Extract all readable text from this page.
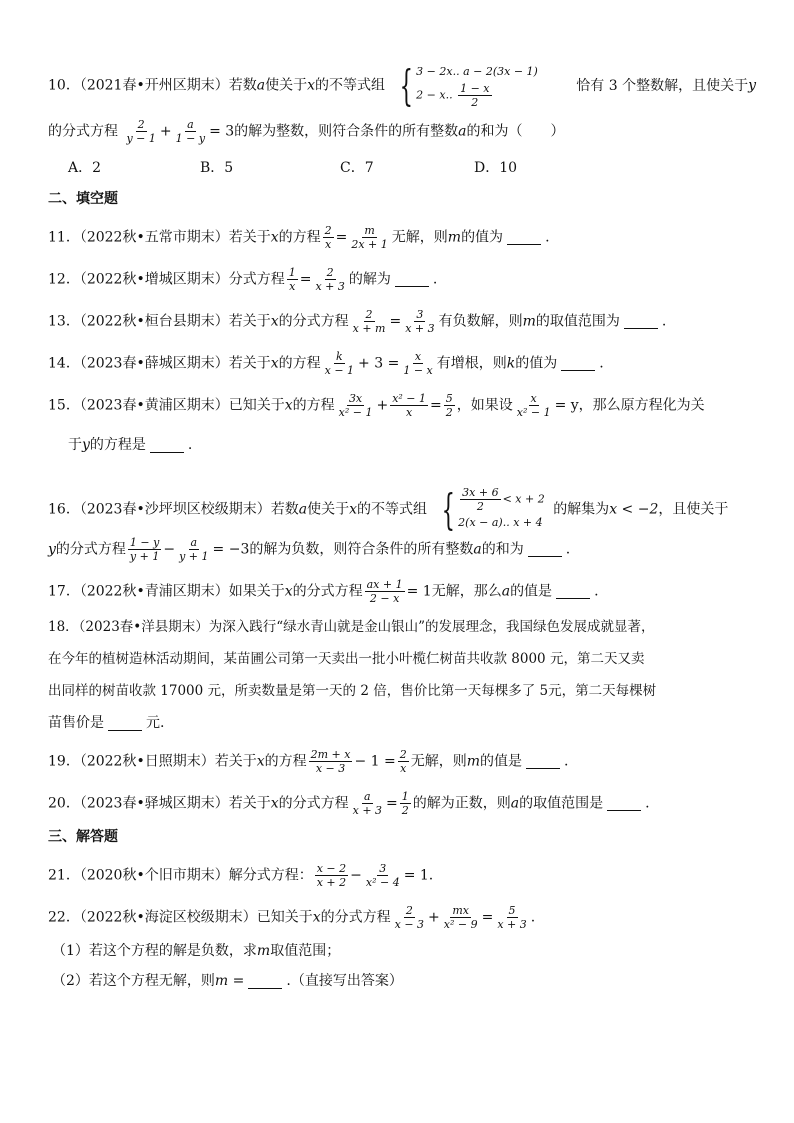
10．（2021春•开州区期末）若数a使关于x的不等式组 { 3 − 2x.. a − 2(3x − 1)
2 − x.. $\frac{1 - x}{2}$	恰有 3 个整数解，且使关于y
的分式方程 $\frac{2}{y - 1} + \frac{a}{1 - y} = 3$的解为整数，则符合条件的所有整数a的和为（　　）
A．2	B．5	C．7	D．10
二、填空题
11．（2022秋•五常市期末）若关于x的方程 $\frac{2}{x} = \frac{m}{2x + 1}$ 无解，则m的值为	.
12．（2022秋•增城区期末）分式方程 $\frac{1}{x} = \frac{2}{x + 3}$ 的解为	.
13．（2022秋•桓台县期末）若关于x的分式方程 $\frac{2}{x + m} = \frac{3}{x + 3}$ 有负数解，则m的取值范围为	.
14．（2023春•薛城区期末）若关于x的方程 $\frac{k}{x - 1} + 3 = \frac{x}{1 - x}$ 有增根，则k的值为	.
15．（2023春•黄浦区期末）已知关于x的方程 $\frac{3x}{\text{x² − 1}} + \frac{\text{x² − 1}}{x} = \frac{5}{2}$ ，如果设 $\frac{x}{\text{x² − 1}} = y$，那么原方程化为关
于y的方程是	.
16．（2023春•沙坪坝区校级期末）若数a使关于x的不等式组 { $\frac{3x + 6}{2} < x + 2$
2(x − a).. x + 4
的解集为x < −2，且使关于
y的分式方程 $\frac{1 - y}{y + 1} - \frac{a}{y + 1} = -3$的解为负数，则符合条件的所有整数a的和为	.
17．（2022秋•青浦区期末）如果关于x的分式方程 $\frac{ax + 1}{2 - x} = 1$无解，那么a的值是	.
18．（2023春•洋县期末）为深入践行“绿水青山就是金山银山”的发展理念，我国绿色发展成就显著，
在今年的植树造林活动期间，某苗圃公司第一天卖出一批小叶榄仁树苗共收款 8000 元，第二天又卖
出同样的树苗收款 17000 元，所卖数量是第一天的 2 倍，售价比第一天每棵多了 5元，第二天每棵树
苗售价是	元.
19．（2022秋•日照期末）若关于x的方程 $\frac{2m + x}{x - 3} - 1 = \frac{2}{x}$ 无解，则m的值是	.
20．（2023春•驿城区期末）若关于x的分式方程 $\frac{a}{x + 3} = \frac{1}{2}$ 的解为正数，则a的取值范围是	.
三、解答题
21．（2020秋•个旧市期末）解分式方程： $\frac{x - 2}{x + 2} - \frac{3}{\text{x² − 4}} = 1$.
22．（2022秋•海淀区校级期末）已知关于x的分式方程 $\frac{2}{x - 3} + \frac{mx}{\text{x² − 9}} = \frac{5}{x + 3}$ .
（1）若这个方程的解是负数，求m取值范围；
（2）若这个方程无解，则m =	.（直接写出答案）
